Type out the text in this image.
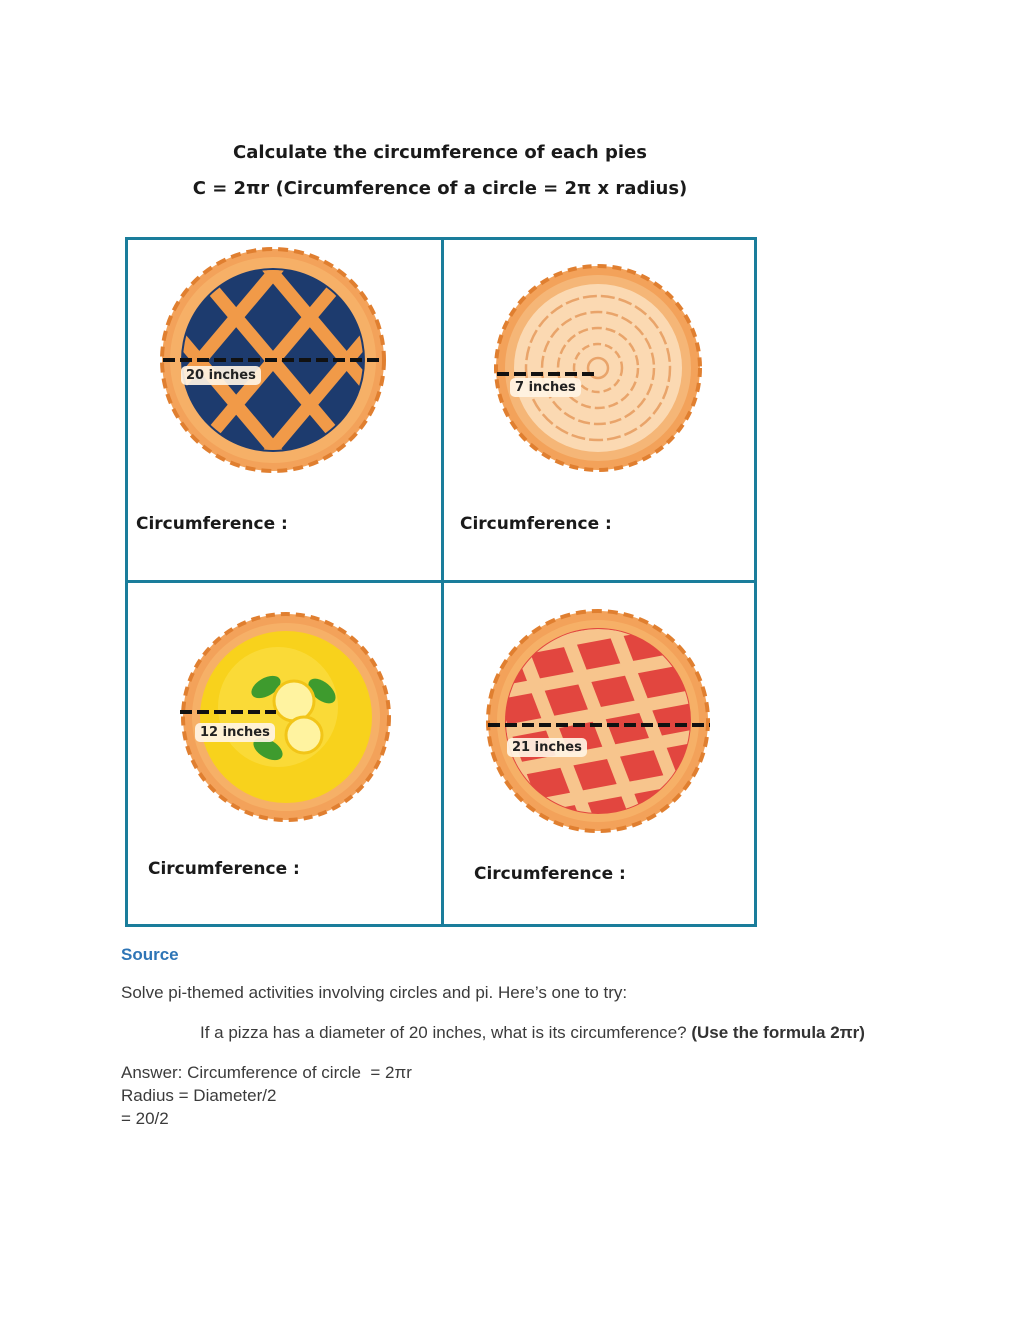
Calculate the circumference of each pies
C = 2πr (Circumference of a circle = 2π x radius)
20 inches
Circumference :
7 inches
Circumference :
12 inches
Circumference :
21 inches
Circumference :
Source
Solve pi-themed activities involving circles and pi. Here’s one to try:
If a pizza has a diameter of 20 inches, what is its circumference? (Use the formula 2πr)
Answer: Circumference of circle  = 2πr
Radius = Diameter/2
= 20/2
